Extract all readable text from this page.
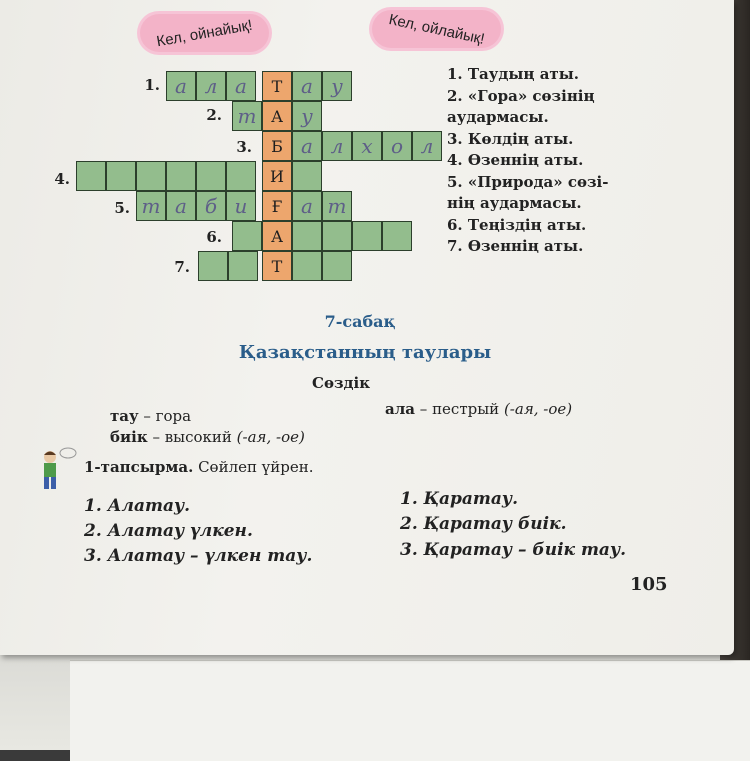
Кел, ойнайық!	Кел, ойлайық!
1.
2.
3.
4.
5.
6.
7.
а л а Т а у
т А у
Б а л х о л
И
т а б и Ғ а т
А
Т
1. Таудың аты.
2. «Гора» сөзінің
аудармасы.
3. Көлдің аты.
4. Өзеннің аты.
5. «Природа» сөзі-
нің аудармасы.
6. Теңіздің аты.
7. Өзеннің аты.
7-сабақ
Қазақстанның таулары
Сөздік
тау – гора
биік – высокий (-ая, -ое)
ала – пестрый (-ая, -ое)
1-тапсырма. Сөйлеп үйрен.
1. Алатау.
2. Алатау үлкен.
3. Алатау – үлкен тау.
1. Қаратау.
2. Қаратау биік.
3. Қаратау – биік тау.
105
